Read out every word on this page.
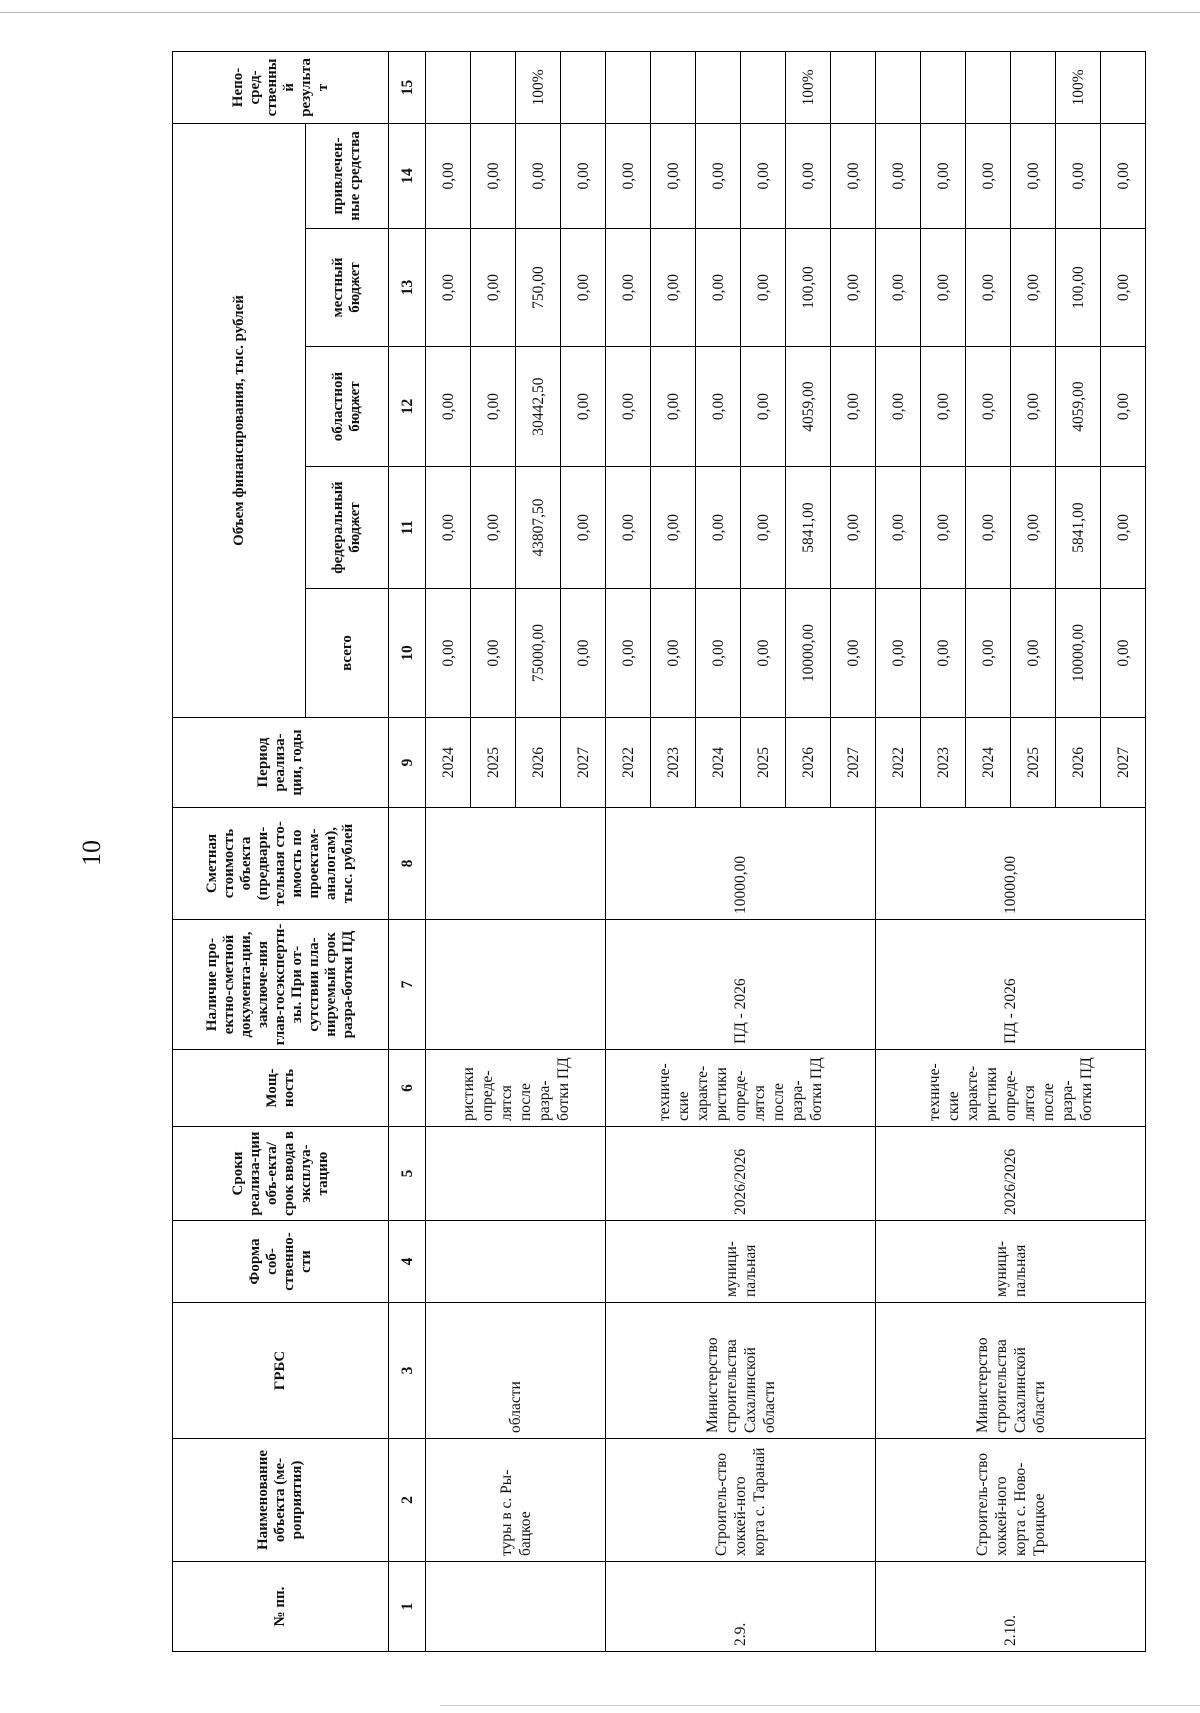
10
№ пп.	Наименование объекта (ме-роприятия)	ГРБС	Форма соб-ственно-сти	Сроки реализа-ции объ-екта/срок ввода в эксплуа-тацию	Мощ-ность	Наличие про-ектно-сметной документа-ции, заключе-ния глав-госэкспертн-зы. При от-сутствии пла-нируемый срок разра-ботки ПД	Сметная стоимость объекта (предвари-тельная сто-имость по проектам-аналогам), тыс. рублей	Период реализа-ции, годы	Объем финансирования, тыс. рублей					Непо-сред-ственный результат
									всего	федеральный бюджет	областной бюджет	местный бюджет	привлечен-ные средства	
1	2	3	4	5	6	7	8	9	10	11	12	13	14	15
	туры в с. Ры-бацкое	области			ристики опреде-лятся после разра-ботки ПД			2024	0,00	0,00	0,00	0,00	0,00	
								2025	0,00	0,00	0,00	0,00	0,00	
								2026	75000,00	43807,50	30442,50	750,00	0,00	100%
								2027	0,00	0,00	0,00	0,00	0,00	
2.9.	Строитель-ство хоккей-ного корта с. Таранай	Министерство строительства Сахалинской области	муници-пальная	2026/2026	техниче-ские характе-ристики опреде-лятся после разра-ботки ПД	ПД - 2026	10000,00	2022	0,00	0,00	0,00	0,00	0,00	
								2023	0,00	0,00	0,00	0,00	0,00	
								2024	0,00	0,00	0,00	0,00	0,00	
								2025	0,00	0,00	0,00	0,00	0,00	
								2026	10000,00	5841,00	4059,00	100,00	0,00	100%
								2027	0,00	0,00	0,00	0,00	0,00	
2.10.	Строитель-ство хоккей-ного корта с. Ново-Троицкое	Министерство строительства Сахалинской области	муници-пальная	2026/2026	техниче-ские характе-ристики опреде-лятся после разра-ботки ПД	ПД - 2026	10000,00	2022	0,00	0,00	0,00	0,00	0,00	
								2023	0,00	0,00	0,00	0,00	0,00	
								2024	0,00	0,00	0,00	0,00	0,00	
								2025	0,00	0,00	0,00	0,00	0,00	
								2026	10000,00	5841,00	4059,00	100,00	0,00	100%
								2027	0,00	0,00	0,00	0,00	0,00	
